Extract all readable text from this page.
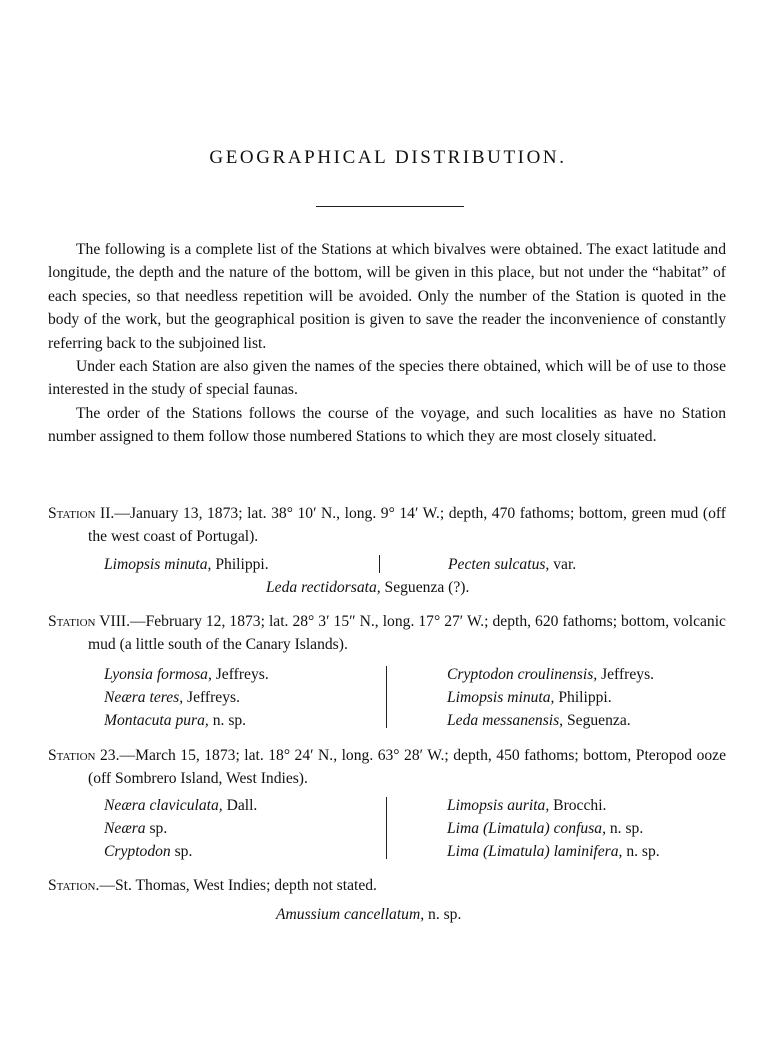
GEOGRAPHICAL DISTRIBUTION.

The following is a complete list of the Stations at which bivalves were obtained. The exact latitude and longitude, the depth and the nature of the bottom, will be given in this place, but not under the “habitat” of each species, so that needless repetition will be avoided. Only the number of the Station is quoted in the body of the work, but the geographical position is given to save the reader the inconvenience of constantly referring back to the subjoined list.

Under each Station are also given the names of the species there obtained, which will be of use to those interested in the study of special faunas.

The order of the Stations follows the course of the voyage, and such localities as have no Station number assigned to them follow those numbered Stations to which they are most closely situated.

Station II.—January 13, 1873; lat. 38° 10′ N., long. 9° 14′ W.; depth, 470 fathoms; bottom, green mud (off the west coast of Portugal).
Limopsis minuta, Philippi.	Pecten sulcatus, var.
Leda rectidorsata, Seguenza (?).
Station VIII.—February 12, 1873; lat. 28° 3′ 15″ N., long. 17° 27′ W.; depth, 620 fathoms; bottom, volcanic mud (a little south of the Canary Islands).
Lyonsia formosa, Jeffreys.
Neæra teres, Jeffreys.
Montacuta pura, n. sp.
Cryptodon croulinensis, Jeffreys.
Limopsis minuta, Philippi.
Leda messanensis, Seguenza.
Station 23.—March 15, 1873; lat. 18° 24′ N., long. 63° 28′ W.; depth, 450 fathoms; bottom, Pteropod ooze (off Sombrero Island, West Indies).
Neæra claviculata, Dall.
Neæra sp.
Cryptodon sp.
Limopsis aurita, Brocchi.
Lima (Limatula) confusa, n. sp.
Lima (Limatula) laminifera, n. sp.
Station.—St. Thomas, West Indies; depth not stated.
Amussium cancellatum, n. sp.
